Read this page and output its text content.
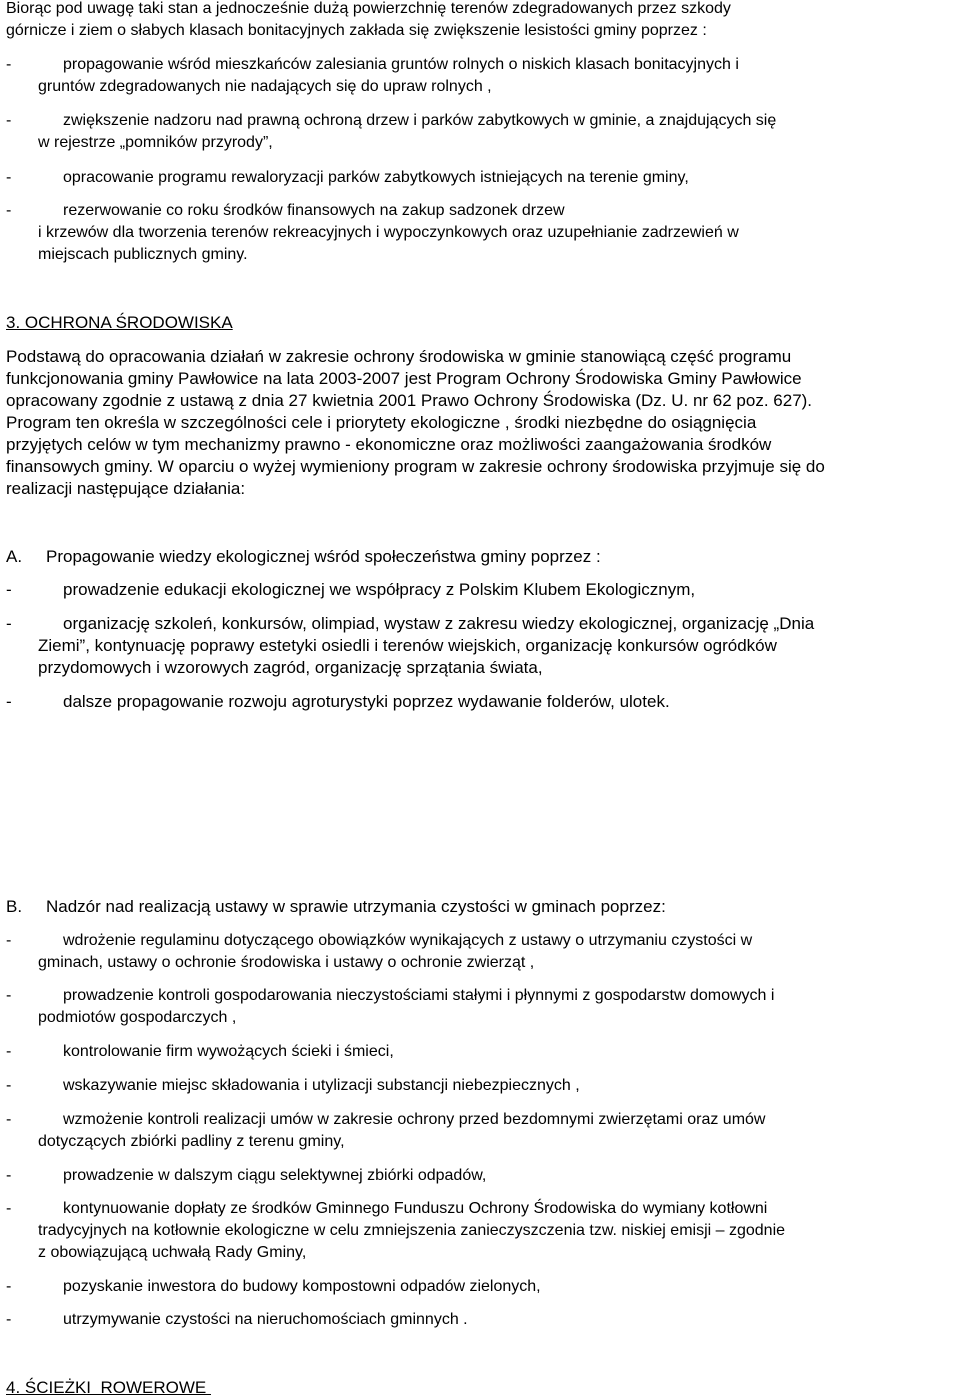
Biorąc pod uwagę taki stan a jednocześnie dużą powierzchnię terenów zdegradowanych przez szkody

górnicze i ziem o słabych klasach bonitacyjnych zakłada się zwiększenie lesistości gminy poprzez :

-	propagowanie wśród mieszkańców zalesiania gruntów rolnych o niskich klasach bonitacyjnych i

gruntów zdegradowanych nie nadających się do upraw rolnych ,

-	zwiększenie nadzoru nad prawną ochroną drzew i parków zabytkowych w gminie, a znajdujących się

w rejestrze „pomników przyrody”,

-	opracowanie programu rewaloryzacji parków zabytkowych istniejących na terenie gminy,
-	rezerwowanie co roku środków finansowych na zakup sadzonek drzew

i krzewów dla tworzenia terenów rekreacyjnych i wypoczynkowych oraz uzupełnianie zadrzewień w

miejscach publicznych gminy.

3. OCHRONA ŚRODOWISKA

Podstawą do opracowania działań w zakresie ochrony środowiska w gminie stanowiącą część programu

funkcjonowania gminy Pawłowice na lata 2003-2007 jest Program Ochrony Środowiska Gminy Pawłowice

opracowany zgodnie z ustawą z dnia 27 kwietnia 2001 Prawo Ochrony Środowiska (Dz. U. nr 62 poz. 627).

Program ten określa w szczególności cele i priorytety ekologiczne , środki niezbędne do osiągnięcia

przyjętych celów w tym mechanizmy prawno - ekonomiczne oraz możliwości zaangażowania środków

finansowych gminy. W oparciu o wyżej wymieniony program w zakresie ochrony środowiska przyjmuje się do

realizacji następujące działania:

A. Propagowanie wiedzy ekologicznej wśród społeczeństwa gminy poprzez :

-	prowadzenie edukacji ekologicznej we współpracy z Polskim Klubem Ekologicznym,
-	organizację szkoleń, konkursów, olimpiad, wystaw z zakresu wiedzy ekologicznej, organizację „Dnia

Ziemi”, kontynuację poprawy estetyki osiedli i terenów wiejskich, organizację konkursów ogródków

przydomowych i wzorowych zagród, organizację sprzątania świata,

-	dalsze propagowanie rozwoju agroturystyki poprzez wydawanie folderów, ulotek.

B. Nadzór nad realizacją ustawy w sprawie utrzymania czystości w gminach poprzez:

-	wdrożenie regulaminu dotyczącego obowiązków wynikających z ustawy o utrzymaniu czystości w

gminach, ustawy o ochronie środowiska i ustawy o ochronie zwierząt ,

-	prowadzenie kontroli gospodarowania nieczystościami stałymi i płynnymi z gospodarstw domowych i

podmiotów gospodarczych ,

-	kontrolowanie firm wywożących ścieki i śmieci,
-	wskazywanie miejsc składowania i utylizacji substancji niebezpiecznych ,
-	wzmożenie kontroli realizacji umów w zakresie ochrony przed bezdomnymi zwierzętami oraz umów

dotyczących zbiórki padliny z terenu gminy,

-	prowadzenie w dalszym ciągu selektywnej zbiórki odpadów,
-	kontynuowanie dopłaty ze środków Gminnego Funduszu Ochrony Środowiska do wymiany kotłowni

tradycyjnych na kotłownie ekologiczne w celu zmniejszenia zanieczyszczenia tzw. niskiej emisji – zgodnie

z obowiązującą uchwałą Rady Gminy,

-	pozyskanie inwestora do budowy kompostowni odpadów zielonych,
-	utrzymywanie czystości na nieruchomościach gminnych .

4. ŚCIEŻKI  ROWEROWE
